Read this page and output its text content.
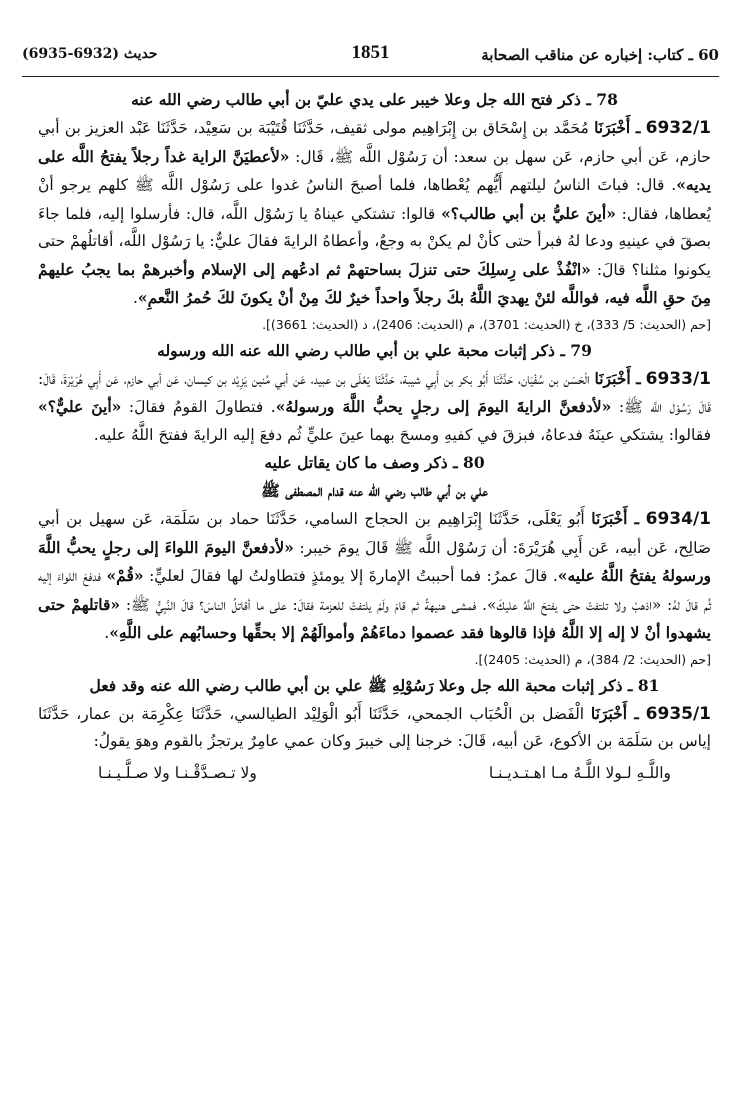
60 ـ كتاب: إخباره عن مناقب الصحابة
1851
حديث (6932-6935)
78 ـ ذكر فتح الله جل وعلا خيبر على يدي عليّ بن أبي طالب رضي الله عنه

6932/1 ـ أَخْبَرَنَا مُحَمَّد بن إِسْحَاق بن إِبْرَاهِيم مولى ثقيف، حَدَّثَنَا قُتَيْبَة بن سَعِيْد، حَدَّثَنَا عَبْد العزيز بن أبي حازم، عَن أبي حازم، عَن سهل بن سعد: أن رَسُوْل اللَّه ﷺ، قَال: «لأعطيَنَّ الراية غداً رجلاً يفتحُ اللَّه على يديه». قال: فباتَ الناسُ ليلتهم أَيُّهم يُعْطاها، فلما أصبحَ الناسُ غدوا على رَسُوْل اللَّه ﷺ كلهم يرجو أنْ يُعطاها، فقال: «أينَ عليُّ بن أبي طالب؟» قالوا: تشتكي عيناهُ يا رَسُوْل اللَّه، قال: فأرسلوا إليه، فلما جاءَ بصقَ في عينيهِ ودعا لهُ فبرأ حتى كأنْ لم يكنْ به وجعٌ، وأعطاهُ الرايةَ فقالَ عليٌّ: يا رَسُوْل اللَّه، أقاتلُهمْ حتى يكونوا مثلنا؟ قالَ: «انْفُذْ على رِسلِكَ حتى تنزلَ بساحتهمْ ثم ادعُهم إلى الإسلام وأخبرهمْ بما يجبُ عليهمْ مِنَ حقِ اللَّه فيه، فواللَّه لئنْ يهديَ اللَّهُ بكَ رجلاً واحداً خيرٌ لكَ مِنْ أنْ يكونَ لكَ حُمرُ النَّعمِ».

[حم (الحديث: 5/ 333)، خ (الحديث: 3701)، م (الحديث: 2406)، د (الحديث: 3661)].
79 ـ ذكر إثبات محبة علي بن أبي طالب رضي الله عنه الله ورسوله

6933/1 ـ أَخْبَرَنَا الْحَسَن بن سُفْيَان، حَدَّثَنَا أَبُو بكر بن أَبِي شيبة، حَدَّثَنَا يَعْلَى بن عبيد، عَن أبي مُنين يَزِيْد بن كيسان، عَن أبي حازم، عَن أَبِي هُرَيْرَةَ، قَالَ: قَالَ رَسُوْل اللَّه ﷺ: «لأدفعنَّ الرايةَ اليومَ إلى رجلٍ يحبُّ اللَّهَ ورسولهُ». فتطاولَ القومُ فقالَ: «أينَ عليٌّ؟» فقالوا: يشتكي عينَهُ فدعاهُ، فبزقَ في كفيهِ ومسحَ بهما عينَ عليٍّ ثُم دفعَ إليه الرايةَ ففتحَ اللَّهُ عليه.

80 ـ ذكر وصف ما كان يقاتل عليه
علي بن أبي طالب رضي الله عنه قدام المصطفى ﷺ

6934/1 ـ أَخْبَرَنَا أَبُو يَعْلَى، حَدَّثَنَا إِبْرَاهِيم بن الحجاج السامي، حَدَّثَنَا حماد بن سَلَمَة، عَن سهيل بن أبي صَالِح، عَن أبيه، عَن أَبِي هُرَيْرَةَ: أن رَسُوْل اللَّه ﷺ قَالَ يومَ خيبر: «لأدفعنَّ اليومَ اللواءَ إلى رجلٍ يحبُّ اللَّهَ ورسولهُ يفتحُ اللَّهُ عليه». قالَ عمرُ: فما أحببتُ الإمارةَ إلا يومئذٍ فتطاولتُ لها فقالَ لعليٍّ: «قُمْ» فدفعَ اللواءَ إليه ثُم قالَ لهُ: «اذهبْ ولا تلتفتْ حتى يفتحَ اللَّهُ عليكَ». فمشى هنيهةً ثم قامَ ولَمْ يلتفتْ للعزمة فقالَ: على ما أقاتلُ الناسَ؟ قالَ النَّبِيُّ ﷺ: «قاتلهمْ حتى يشهدوا أنْ لا إله إلا اللَّهُ فإذا قالوها فقد عصموا دماءَهُمْ وأموالَهُمْ إلا بحقِّها وحسابُهم على اللَّهِ».

[حم (الحديث: 2/ 384)، م (الحديث: 2405)].
81 ـ ذكر إثبات محبة الله جل وعلا رَسُوْلِهِ ﷺ علي بن أبي طالب رضي الله عنه وقد فعل

6935/1 ـ أَخْبَرَنَا الْفَضل بن الْحُبَاب الجمحي، حَدَّثَنَا أَبُو الْوَلِيْد الطيالسي، حَدَّثَنَا عِكْرِمَة بن عمار، حَدَّثَنَا إياس بن سَلَمَة بن الأكوع، عَن أبيه، قَالَ: خرجنا إلى خيبرَ وكان عمي عامِرٌ يرتجزُ بالقوم وهوَ يقولُ:

واللَّـهِ لـولا اللَّـهُ مـا اهـتـديـنـا
ولا تـصـدَّقْـنـا ولا صـلَّـيـنـا
